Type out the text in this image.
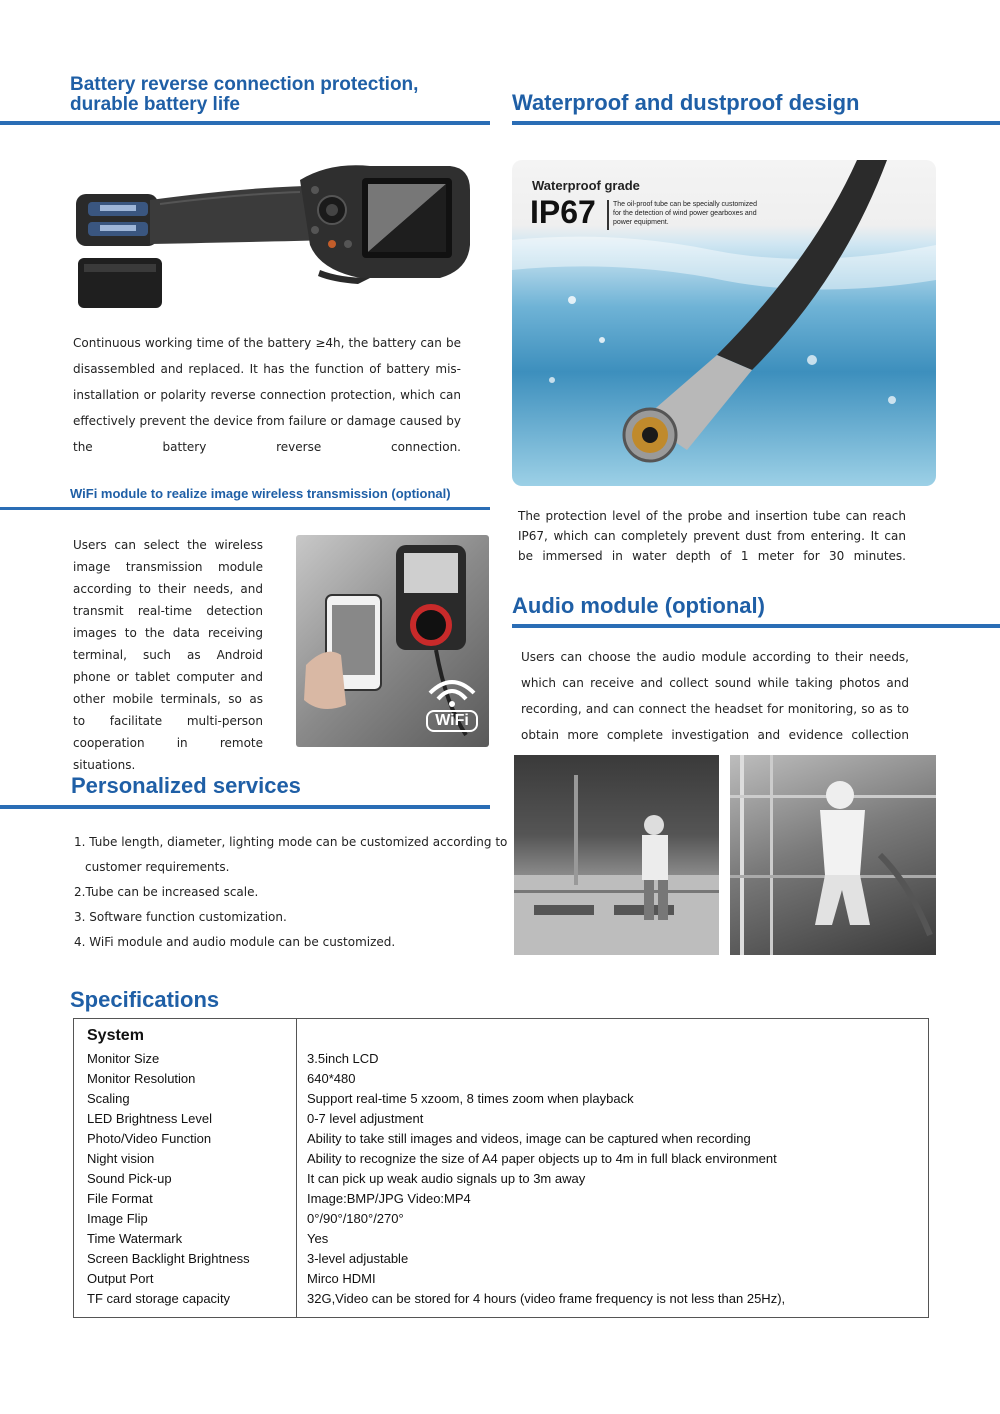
Battery reverse connection protection,
durable battery life
Continuous working time of the battery ≥4h, the battery can be disassembled and replaced. It has the function of battery mis-installation or polarity reverse connection protection, which can effectively prevent the device from failure or damage caused by the battery reverse connection.
WiFi module to realize image wireless transmission (optional)
Users can select the wireless image transmission module according to their needs, and transmit real-time detection images to the data receiving terminal, such as Android phone or tablet computer and other mobile terminals, so as to facilitate multi-person cooperation in remote situations.
WiFi
Personalized services
1. Tube length, diameter, lighting mode can be customized according to
customer requirements.
2.Tube can be increased scale.
3. Software function customization.
4. WiFi module and audio module can be customized.
Waterproof and dustproof design
Waterproof grade
IP67 The oil-proof tube can be specially customized for the detection of wind power gearboxes and power equipment.
The protection level of the probe and insertion tube can reach IP67, which can completely prevent dust from entering. It can be immersed in water depth of 1 meter for 30 minutes.
Audio module (optional)
Users can choose the audio module according to their needs, which can receive and collect sound while taking photos and recording, and can connect the headset for monitoring, so as to obtain more complete investigation and evidence collection
Specifications
System
Monitor Size	3.5inch LCD
Monitor Resolution	640*480
Scaling	Support real-time 5 xzoom, 8 times zoom when playback
LED Brightness Level	0-7 level adjustment
Photo/Video Function	Ability to take still images and videos, image can be captured when recording
Night vision	Ability to recognize the size of A4 paper objects up to 4m in full black environment
Sound Pick-up	It can pick up weak audio signals up to 3m away
File Format	Image:BMP/JPG Video:MP4
Image Flip	0°/90°/180°/270°
Time Watermark	Yes
Screen Backlight Brightness	3-level adjustable
Output Port	Mirco HDMI
TF card storage capacity	32G,Video can be stored for 4 hours (video frame frequency is not less than 25Hz),
